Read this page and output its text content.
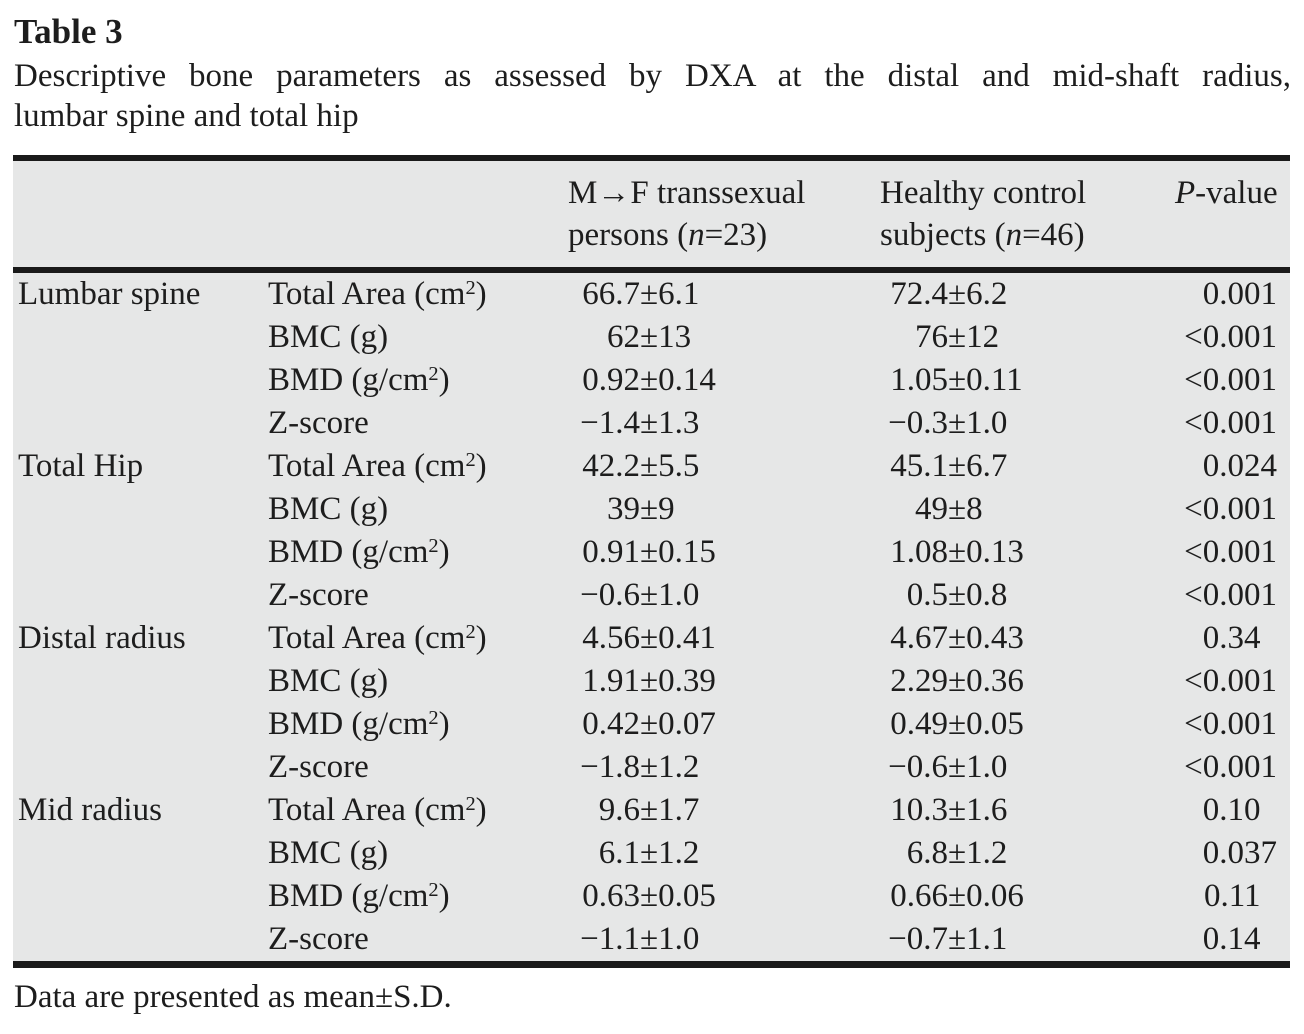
Table 3
Descriptive bone parameters as assessed by DXA at the distal and mid-shaft radius,
lumbar spine and total hip
M→F transsexual
persons (n=23)
Healthy control
subjects (n=46)
P-value
Lumbar spine	Total Area $(cm^2)$	66.7±6.1	72.4±6.2	0.001
BMC (g)	62±13	76±12	<0.001
BMD $(g/cm^2)$	0.92±0.14	1.05±0.11	<0.001
Z-score	−1.4±1.3	−0.3±1.0	<0.001
Total Hip	Total Area $(cm^2)$	42.2±5.5	45.1±6.7	0.024
BMC (g)	39±9	49±8	<0.001
BMD $(g/cm^2)$	0.91±0.15	1.08±0.13	<0.001
Z-score	−0.6±1.0	0.5±0.8	<0.001
Distal radius	Total Area $(cm^2)$	4.56±0.41	4.67±0.43	0.34
BMC (g)	1.91±0.39	2.29±0.36	<0.001
BMD $(g/cm^2)$	0.42±0.07	0.49±0.05	<0.001
Z-score	−1.8±1.2	−0.6±1.0	<0.001
Mid radius	Total Area $(cm^2)$	9.6±1.7	10.3±1.6	0.10
BMC (g)	6.1±1.2	6.8±1.2	0.037
BMD $(g/cm^2)$	0.63±0.05	0.66±0.06	0.11
Z-score	−1.1±1.0	−0.7±1.1	0.14
Data are presented as mean±S.D.
